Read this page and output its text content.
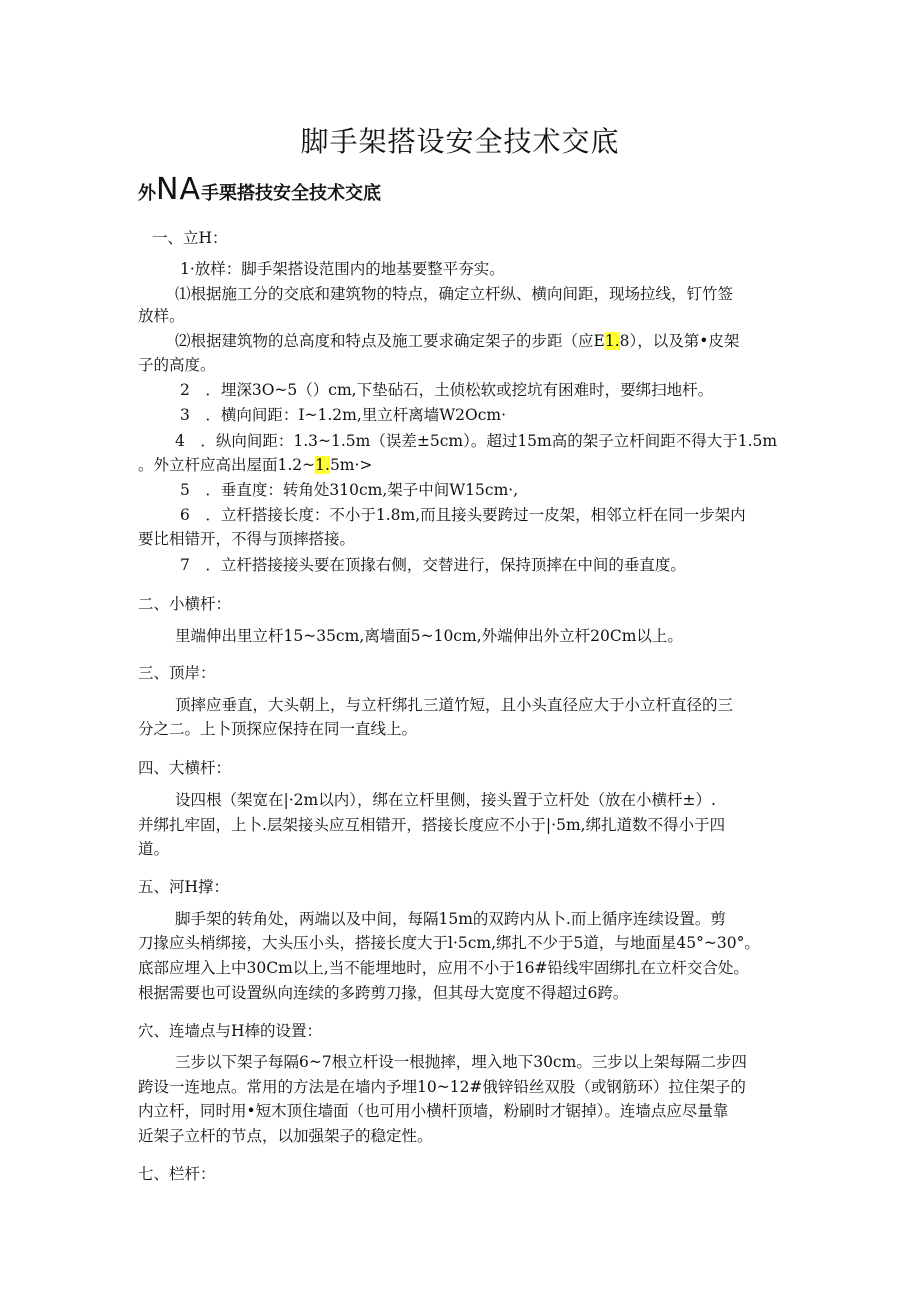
脚手架搭设安全技术交底
外NA手栗搭技安全技术交底
一、立H：
1·放样：脚手架搭设范围内的地基要整平夯实。
⑴根据施工分的交底和建筑物的特点，确定立杆纵、横向间距，现场拉线，钉竹签
放样。
⑵根据建筑物的总高度和特点及施工要求确定架子的步距（应E1.8），以及第•皮架
子的高度。
2　．埋深3O~5（）cm,下垫砧石，土侦松软或挖坑有困难时，要绑扫地杆。
3　．横向间距：I~1.2m,里立杆离墙W2Ocm·
4　．纵向间距：1.3~1.5m（误差±5cm）。超过15m高的架子立杆间距不得大于1.5m
。外立杆应高出屋面1.2~1.5m·>
5　．垂直度：转角处310cm,架子中间W15cm·,
6　．立杆搭接长度：不小于1.8m,而且接头要跨过一皮架，相邻立杆在同一步架内
要比相错开，不得与顶摔搭接。
7　．立杆搭接接头要在顶掾右侧，交替进行，保持顶摔在中间的垂直度。
二、小横杆：
里端伸出里立杆15~35cm,离墙面5~10cm,外端伸出外立杆20Cm以上。
三、顶岸：
顶摔应垂直，大头朝上，与立杆绑扎三道竹短，且小头直径应大于小立杆直径的三
分之二。上卜顶探应保持在同一直线上。
四、大横杆：
设四根（架宽在|·2m以内），绑在立杆里侧，接头置于立杆处（放在小横杆±）.
并绑扎牢固，上卜.层架接头应互相错开，搭接长度应不小于|·5m,绑扎道数不得小于四
道。
五、河H撑：
脚手架的转角处，两端以及中间，每隔15m的双跨内从卜.而上循序连续设置。剪
刀掾应头梢绑接，大头压小头，搭接长度大于l·5cm,绑扎不少于5道，与地面星45°~30°。
底部应埋入上中30Cm以上,当不能埋地时，应用不小于16#铅线牢固绑扎在立杆交合处。
根据需要也可设置纵向连续的多跨剪刀掾，但其母大宽度不得超过6跨。
穴、连墙点与H棒的设置：
三步以下架子每隔6~7根立杆设一根抛摔，埋入地下30cm。三步以上架每隔二步四
跨设一连地点。常用的方法是在墙内予埋10~12#俄锌铅丝双股（或钢筋环）拉住架子的
内立杆，同时用•短木顶住墙面（也可用小横杆顶墙，粉刷时才锯掉）。连墙点应尽量靠
近架子立杆的节点，以加强架子的稳定性。
七、栏杆：
